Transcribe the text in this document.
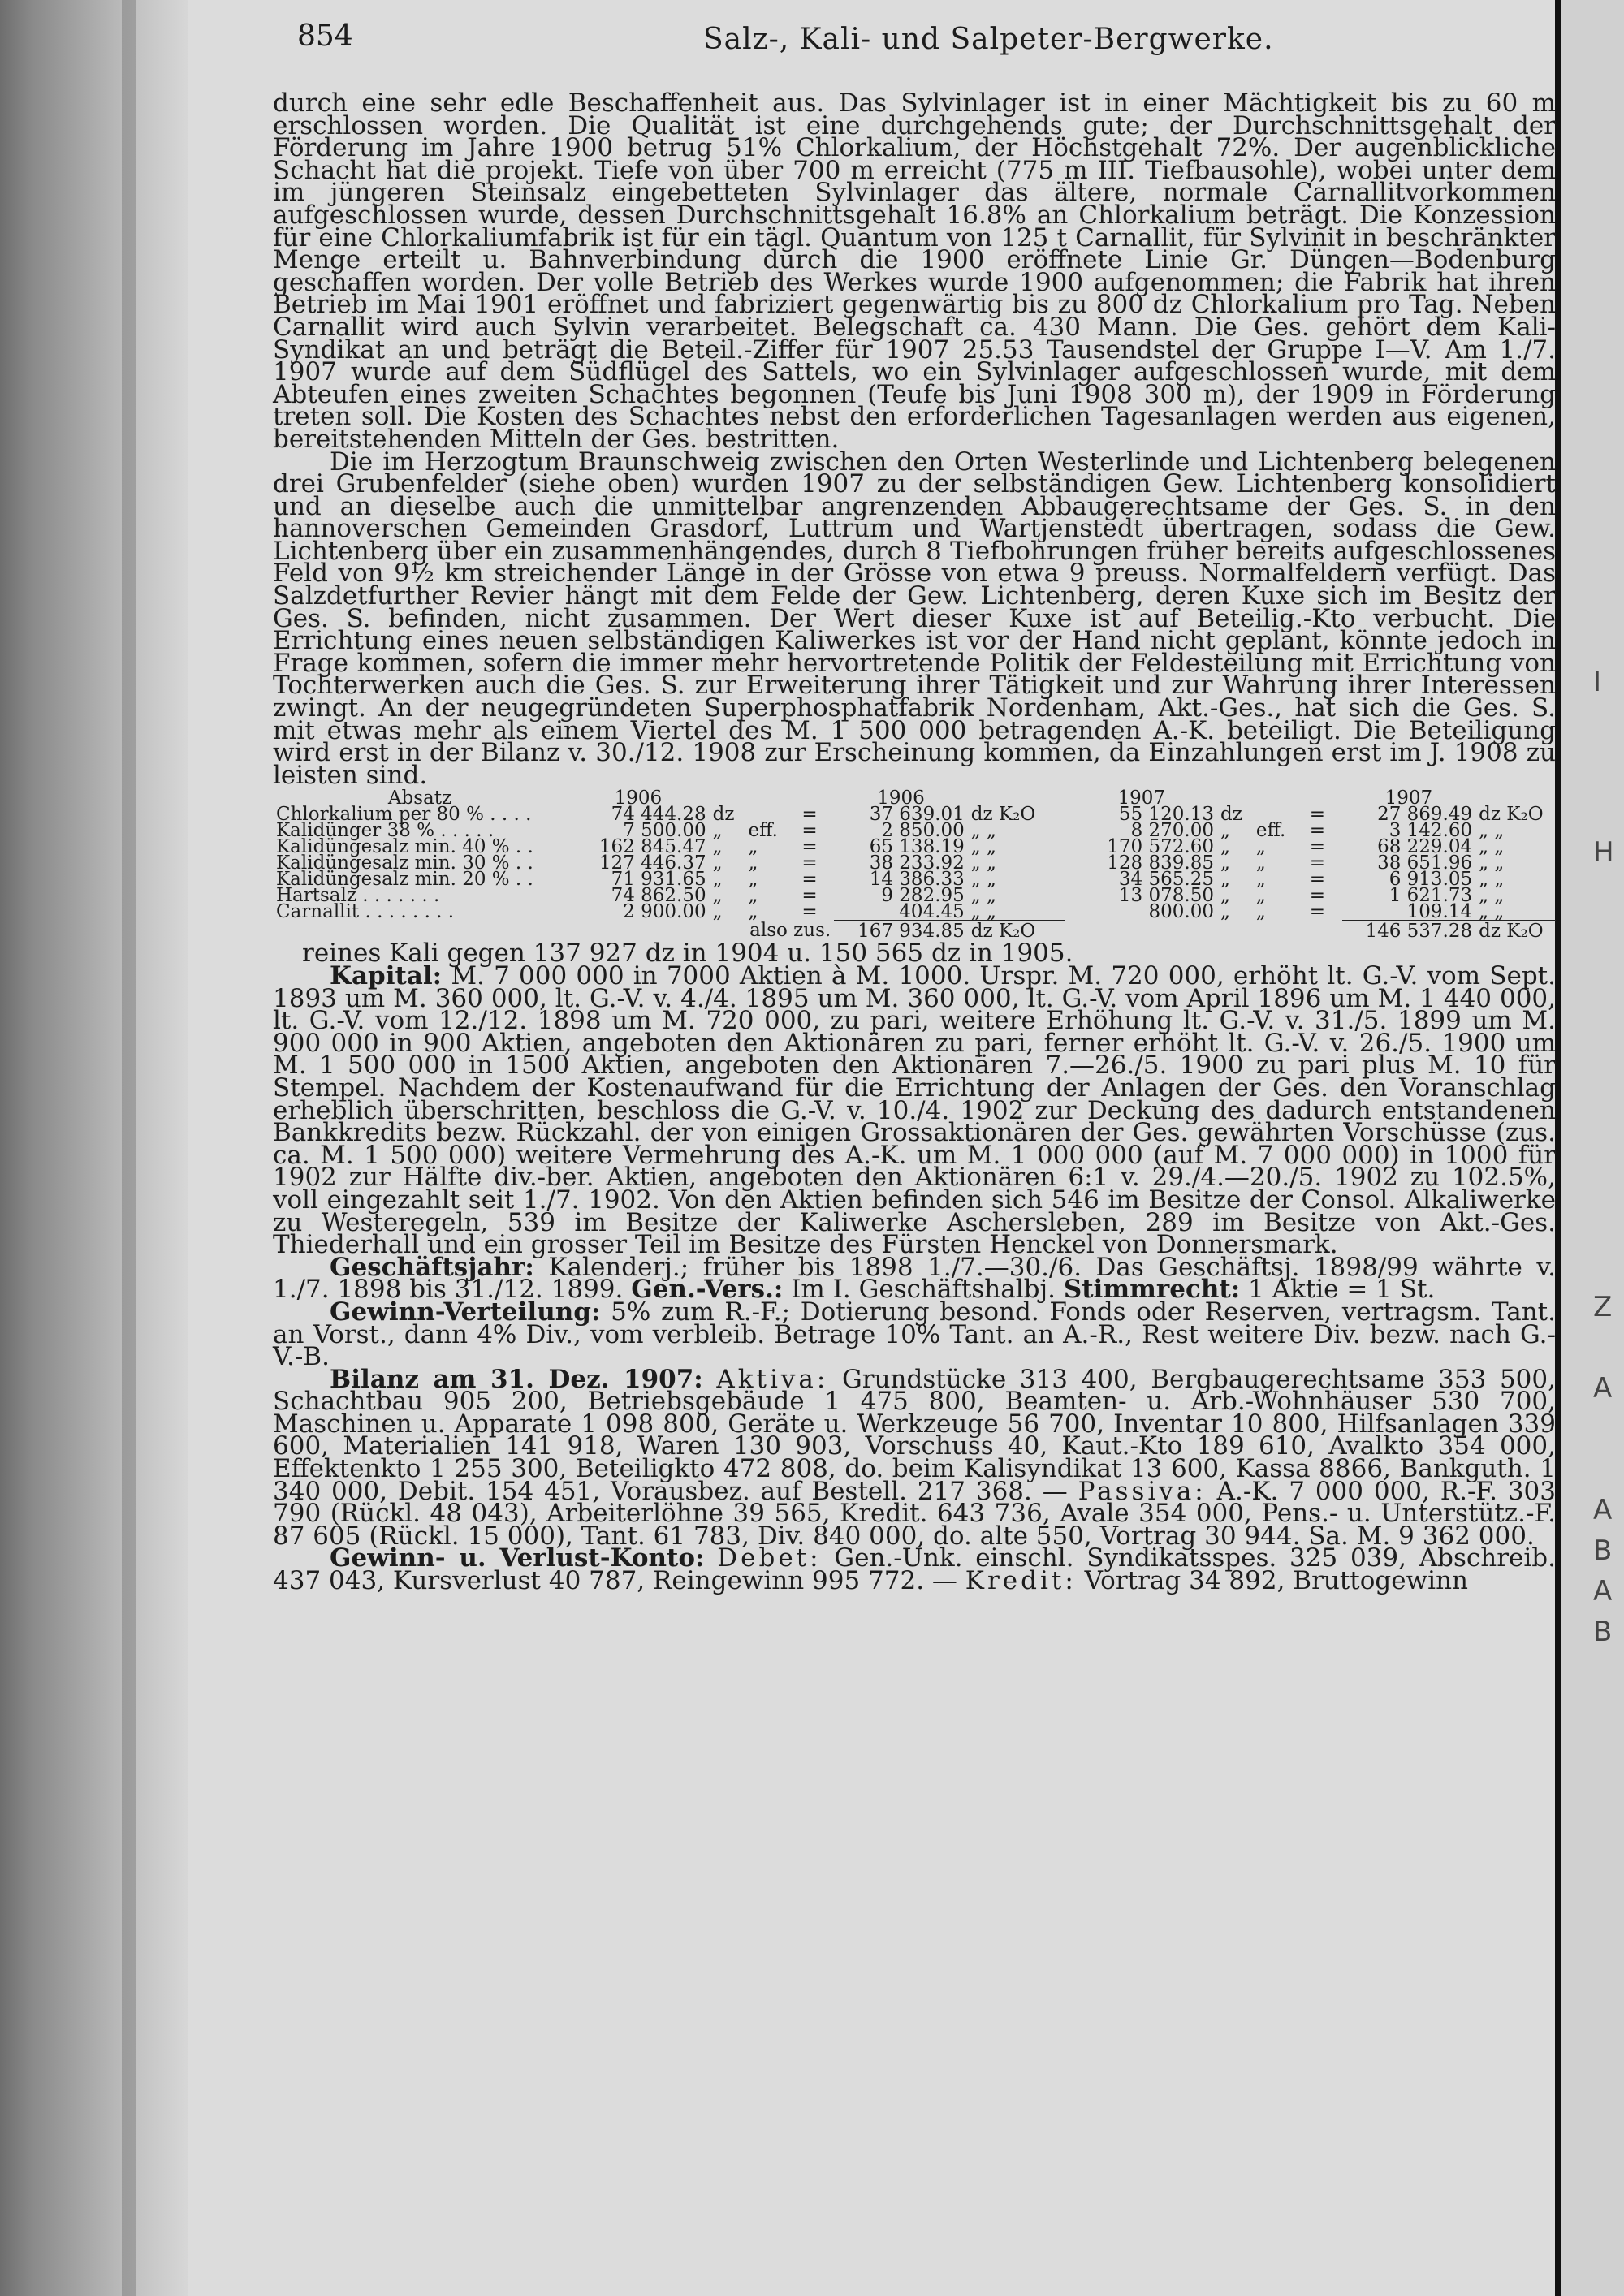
I
H
Z
A
A
B
A
B
854	Salz-, Kali- und Salpeter-Bergwerke.

durch eine sehr edle Beschaffenheit aus. Das Sylvinlager ist in einer Mächtigkeit bis zu 60 m erschlossen worden. Die Qualität ist eine durchgehends gute; der Durchschnittsgehalt der Förderung im Jahre 1900 betrug 51% Chlorkalium, der Höchstgehalt 72%. Der augenblickliche Schacht hat die projekt. Tiefe von über 700 m erreicht (775 m III. Tiefbausohle), wobei unter dem im jüngeren Steinsalz eingebetteten Sylvinlager das ältere, normale Carnallitvorkommen aufgeschlossen wurde, dessen Durchschnittsgehalt 16.8% an Chlorkalium beträgt. Die Konzession für eine Chlorkaliumfabrik ist für ein tägl. Quantum von 125 t Carnallit, für Sylvinit in beschränkter Menge erteilt u. Bahnverbindung durch die 1900 eröffnete Linie Gr. Düngen—Bodenburg geschaffen worden. Der volle Betrieb des Werkes wurde 1900 aufgenommen; die Fabrik hat ihren Betrieb im Mai 1901 eröffnet und fabriziert gegenwärtig bis zu 800 dz Chlorkalium pro Tag. Neben Carnallit wird auch Sylvin verarbeitet. Belegschaft ca. 430 Mann. Die Ges. gehört dem Kali-Syndikat an und beträgt die Beteil.-Ziffer für 1907 25.53 Tausendstel der Gruppe I—V. Am 1./7. 1907 wurde auf dem Südflügel des Sattels, wo ein Sylvinlager aufgeschlossen wurde, mit dem Abteufen eines zweiten Schachtes begonnen (Teufe bis Juni 1908 300 m), der 1909 in Förderung treten soll. Die Kosten des Schachtes nebst den erforderlichen Tagesanlagen werden aus eigenen, bereitstehenden Mitteln der Ges. bestritten.

Die im Herzogtum Braunschweig zwischen den Orten Westerlinde und Lichtenberg belegenen drei Grubenfelder (siehe oben) wurden 1907 zu der selbständigen Gew. Lichtenberg konsolidiert und an dieselbe auch die unmittelbar angrenzenden Abbaugerechtsame der Ges. S. in den hannoverschen Gemeinden Grasdorf, Luttrum und Wartjenstedt übertragen, sodass die Gew. Lichtenberg über ein zusammenhängendes, durch 8 Tiefbohrungen früher bereits aufgeschlossenes Feld von 9½ km streichender Länge in der Grösse von etwa 9 preuss. Normalfeldern verfügt. Das Salzdetfurther Revier hängt mit dem Felde der Gew. Lichtenberg, deren Kuxe sich im Besitz der Ges. S. befinden, nicht zusammen. Der Wert dieser Kuxe ist auf Beteilig.-Kto verbucht. Die Errichtung eines neuen selbständigen Kaliwerkes ist vor der Hand nicht geplant, könnte jedoch in Frage kommen, sofern die immer mehr hervortretende Politik der Feldesteilung mit Errichtung von Tochterwerken auch die Ges. S. zur Erweiterung ihrer Tätigkeit und zur Wahrung ihrer Interessen zwingt. An der neugegründeten Superphosphatfabrik Nordenham, Akt.-Ges., hat sich die Ges. S. mit etwas mehr als einem Viertel des M. 1 500 000 betragenden A.-K. beteiligt. Die Beteiligung wird erst in der Bilanz v. 30./12. 1908 zur Erscheinung kommen, da Einzahlungen erst im J. 1908 zu leisten sind.

Absatz	1906				1906		1907				1907	
Chlorkalium per 80 % . . . .	74 444.28	dz		=	37 639.01	dz K₂O	55 120.13	dz		=	27 869.49	dz K₂O
Kalidünger 38 % . . . . .	7 500.00	„	eff.	=	2 850.00	„ „	8 270.00	„	eff.	=	3 142.60	„ „
Kalidüngesalz min. 40 % . .	162 845.47	„	„	=	65 138.19	„ „	170 572.60	„	„	=	68 229.04	„ „
Kalidüngesalz min. 30 % . .	127 446.37	„	„	=	38 233.92	„ „	128 839.85	„	„	=	38 651.96	„ „
Kalidüngesalz min. 20 % . .	71 931.65	„	„	=	14 386.33	„ „	34 565.25	„	„	=	6 913.05	„ „
Hartsalz . . . . . . .	74 862.50	„	„	=	9 282.95	„ „	13 078.50	„	„	=	1 621.73	„ „
Carnallit . . . . . . . .	2 900.00	„	„	=	404.45	„ „	800.00	„	„	=	109.14	„ „
	also zus.				167 934.85	dz K₂O					146 537.28	dz K₂O

reines Kali gegen 137 927 dz in 1904 u. 150 565 dz in 1905.

Kapital: M. 7 000 000 in 7000 Aktien à M. 1000. Urspr. M. 720 000, erhöht lt. G.-V. vom Sept. 1893 um M. 360 000, lt. G.-V. v. 4./4. 1895 um M. 360 000, lt. G.-V. vom April 1896 um M. 1 440 000, lt. G.-V. vom 12./12. 1898 um M. 720 000, zu pari, weitere Erhöhung lt. G.-V. v. 31./5. 1899 um M. 900 000 in 900 Aktien, angeboten den Aktionären zu pari, ferner erhöht lt. G.-V. v. 26./5. 1900 um M. 1 500 000 in 1500 Aktien, angeboten den Aktionären 7.—26./5. 1900 zu pari plus M. 10 für Stempel. Nachdem der Kostenaufwand für die Errichtung der Anlagen der Ges. den Voranschlag erheblich überschritten, beschloss die G.-V. v. 10./4. 1902 zur Deckung des dadurch entstandenen Bankkredits bezw. Rückzahl. der von einigen Grossaktionären der Ges. gewährten Vorschüsse (zus. ca. M. 1 500 000) weitere Vermehrung des A.-K. um M. 1 000 000 (auf M. 7 000 000) in 1000 für 1902 zur Hälfte div.-ber. Aktien, angeboten den Aktionären 6:1 v. 29./4.—20./5. 1902 zu 102.5%, voll eingezahlt seit 1./7. 1902. Von den Aktien befinden sich 546 im Besitze der Consol. Alkaliwerke zu Westeregeln, 539 im Besitze der Kaliwerke Aschersleben, 289 im Besitze von Akt.-Ges. Thiederhall und ein grosser Teil im Besitze des Fürsten Henckel von Donnersmark.

Geschäftsjahr: Kalenderj.; früher bis 1898 1./7.—30./6. Das Geschäftsj. 1898/99 währte v. 1./7. 1898 bis 31./12. 1899. Gen.-Vers.: Im I. Geschäftshalbj. Stimmrecht: 1 Aktie = 1 St.

Gewinn-Verteilung: 5% zum R.-F.; Dotierung besond. Fonds oder Reserven, vertragsm. Tant. an Vorst., dann 4% Div., vom verbleib. Betrage 10% Tant. an A.-R., Rest weitere Div. bezw. nach G.-V.-B.

Bilanz am 31. Dez. 1907: Aktiva: Grundstücke 313 400, Bergbaugerechtsame 353 500, Schachtbau 905 200, Betriebsgebäude 1 475 800, Beamten- u. Arb.-Wohnhäuser 530 700, Maschinen u. Apparate 1 098 800, Geräte u. Werkzeuge 56 700, Inventar 10 800, Hilfsanlagen 339 600, Materialien 141 918, Waren 130 903, Vorschuss 40, Kaut.-Kto 189 610, Avalkto 354 000, Effektenkto 1 255 300, Beteiligkto 472 808, do. beim Kalisyndikat 13 600, Kassa 8866, Bankguth. 1 340 000, Debit. 154 451, Vorausbez. auf Bestell. 217 368. — Passiva: A.-K. 7 000 000, R.-F. 303 790 (Rückl. 48 043), Arbeiterlöhne 39 565, Kredit. 643 736, Avale 354 000, Pens.- u. Unterstütz.-F. 87 605 (Rückl. 15 000), Tant. 61 783, Div. 840 000, do. alte 550, Vortrag 30 944. Sa. M. 9 362 000.

Gewinn- u. Verlust-Konto: Debet: Gen.-Unk. einschl. Syndikatsspes. 325 039, Abschreib. 437 043, Kursverlust 40 787, Reingewinn 995 772. — Kredit: Vortrag 34 892, Bruttogewinn
